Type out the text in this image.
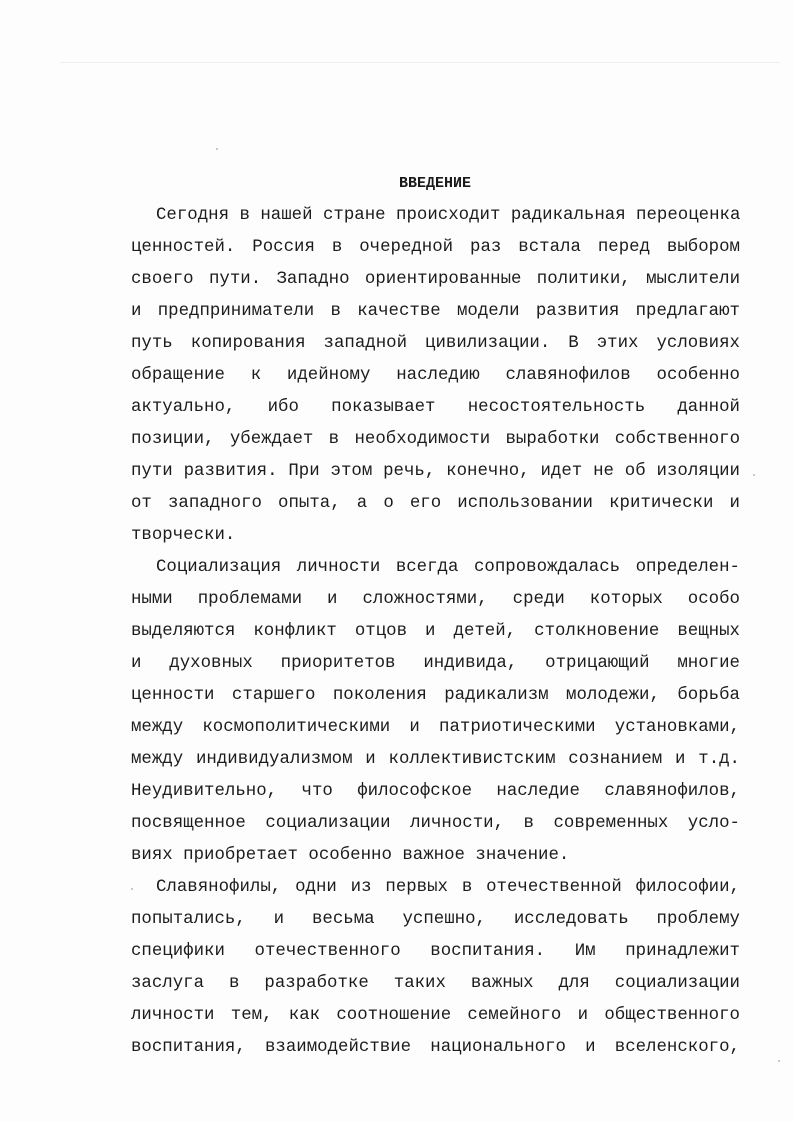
ВВЕДЕНИЕ
Сегодня в нашей стране происходит радикальная переоценка
ценностей. Россия в очередной раз встала перед выбором
своего пути. Западно ориентированные политики, мыслители
и предприниматели в качестве модели развития предлагают
путь копирования западной цивилизации. В этих условиях
обращение к идейному наследию славянофилов особенно
актуально, ибо показывает несостоятельность данной
позиции, убеждает в необходимости выработки собственного
пути развития. При этом речь, конечно, идет не об изоляции
от западного опыта, а о его использовании критически и
творчески.
Социализация личности всегда сопровождалась определен-
ными проблемами и сложностями, среди которых особо
выделяются конфликт отцов и детей, столкновение вещных
и духовных приоритетов индивида, отрицающий многие
ценности старшего поколения радикализм молодежи, борьба
между космополитическими и патриотическими установками,
между индивидуализмом и коллективистским сознанием и т.д.
Неудивительно, что философское наследие славянофилов,
посвященное социализации личности, в современных усло-
виях приобретает особенно важное значение.
Славянофилы, одни из первых в отечественной философии,
попытались, и весьма успешно, исследовать проблему
специфики отечественного воспитания. Им принадлежит
заслуга в разработке таких важных для социализации
личности тем, как соотношение семейного и общественного
воспитания, взаимодействие национального и вселенского,
